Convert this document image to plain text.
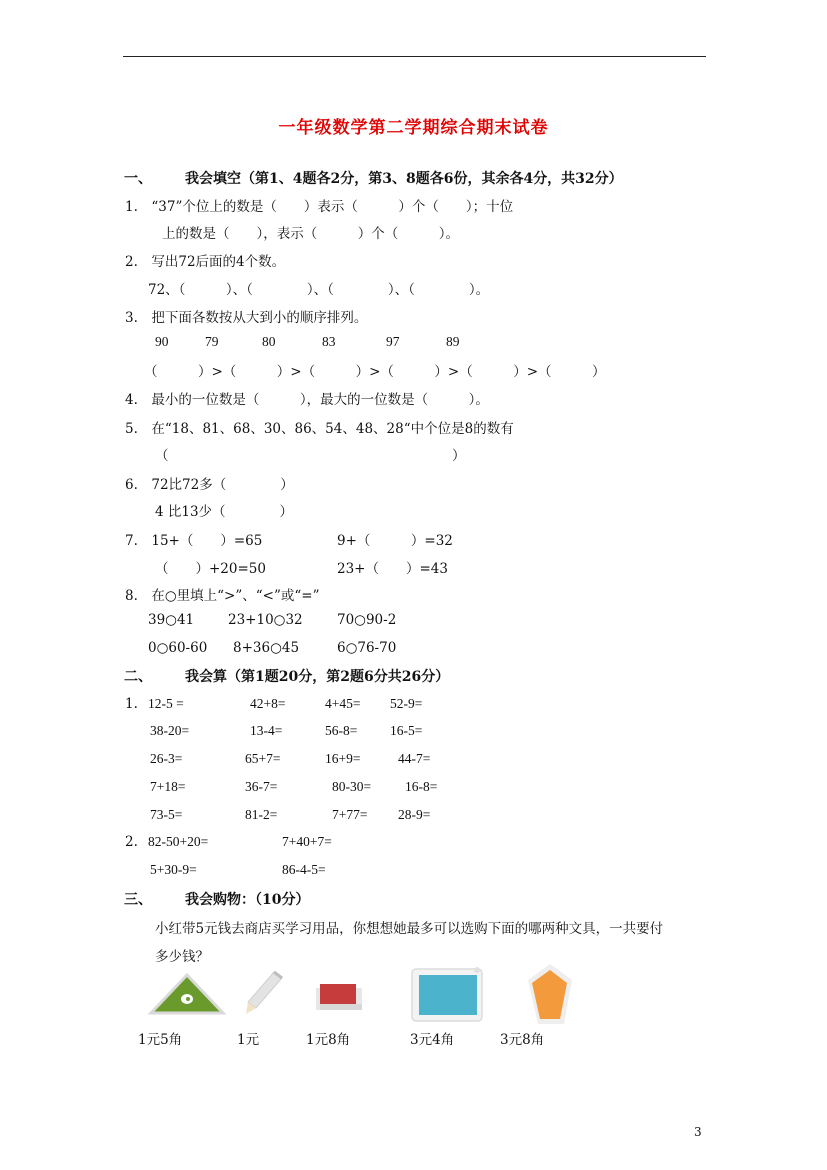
一年级数学第二学期综合期末试卷
一、 我会填空（第1、4题各2分，第3、8题各6份，其余各4分，共32分）
1.　“37”个位上的数是（　　）表示（　　　）个（　　）；十位
上的数是（　　），表示（　　　）个（　　　）。
2.　写出72后面的4个数。
72、（　　　）、（　　　　）、（　　　　）、（　　　　）。
3.　把下面各数按从大到小的顺序排列。
90	79	80	83	97	89
（　　　）>（　　　）>（　　　）>（　　　）>（　　　）>（　　　）
4.　最小的一位数是（　　　），最大的一位数是（　　　）。
5.　在“18、81、68、30、86、54、48、28“中个位是8的数有
（　　　　　　　　　　　　　　　　　　　　　）
6.　72比72多（　　　　）
4 比13少（　　　　）
7.　15+（　　）=65	9+（　　　）=32
（　　）+20=50	23+（　　）=43
8.　在○里填上“>”、“<”或“=”
39○41	23+10○32	70○90-2
0○60-60 8+36○45	6○76-70
二、 我会算（第1题20分，第2题6分共26分）
1. 12-5 =	42+8=	4+45= 52-9=
38-20=	13-4=	56-8= 16-5=
26-3=	65+7=	16+9=	44-7=
7+18=	36-7=	80-30=	16-8=
73-5=	81-2=	7+77= 28-9=
2. 82-50+20=	7+40+7=
5+30-9=	86-4-5=
三、 我会购物：（10分）
小红带5元钱去商店买学习用品，你想想她最多可以选购下面的哪两种文具，一共要付
多少钱？
1元5角	1元	1元8角	3元4角	3元8角
3
